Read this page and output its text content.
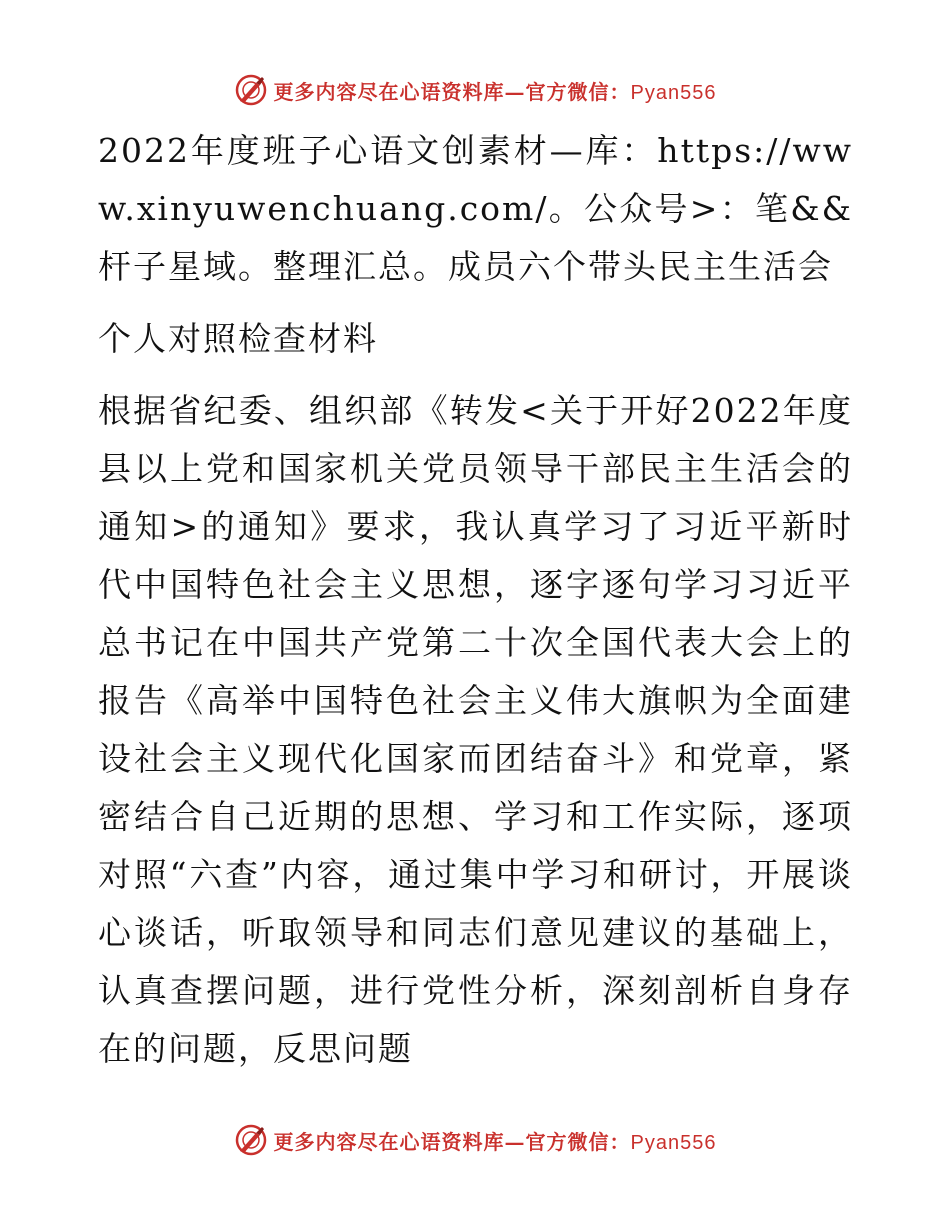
更多内容尽在心语资料库—官方微信：Pyan556

2022年度班子心语文创素材—库：https://www.xinyuwenchuang.com/。公众号>：笔&&杆子星域。整理汇总。成员六个带头民主生活会

个人对照检查材料

根据省纪委、组织部《转发<关于开好2022年度县以上党和国家机关党员领导干部民主生活会的通知>的通知》要求，我认真学习了习近平新时代中国特色社会主义思想，逐字逐句学习习近平总书记在中国共产党第二十次全国代表大会上的报告《高举中国特色社会主义伟大旗帜为全面建设社会主义现代化国家而团结奋斗》和党章，紧密结合自己近期的思想、学习和工作实际，逐项对照“六查”内容，通过集中学习和研讨，开展谈心谈话，听取领导和同志们意见建议的基础上，认真查摆问题，进行党性分析，深刻剖析自身存在的问题，反思问题

更多内容尽在心语资料库—官方微信：Pyan556
